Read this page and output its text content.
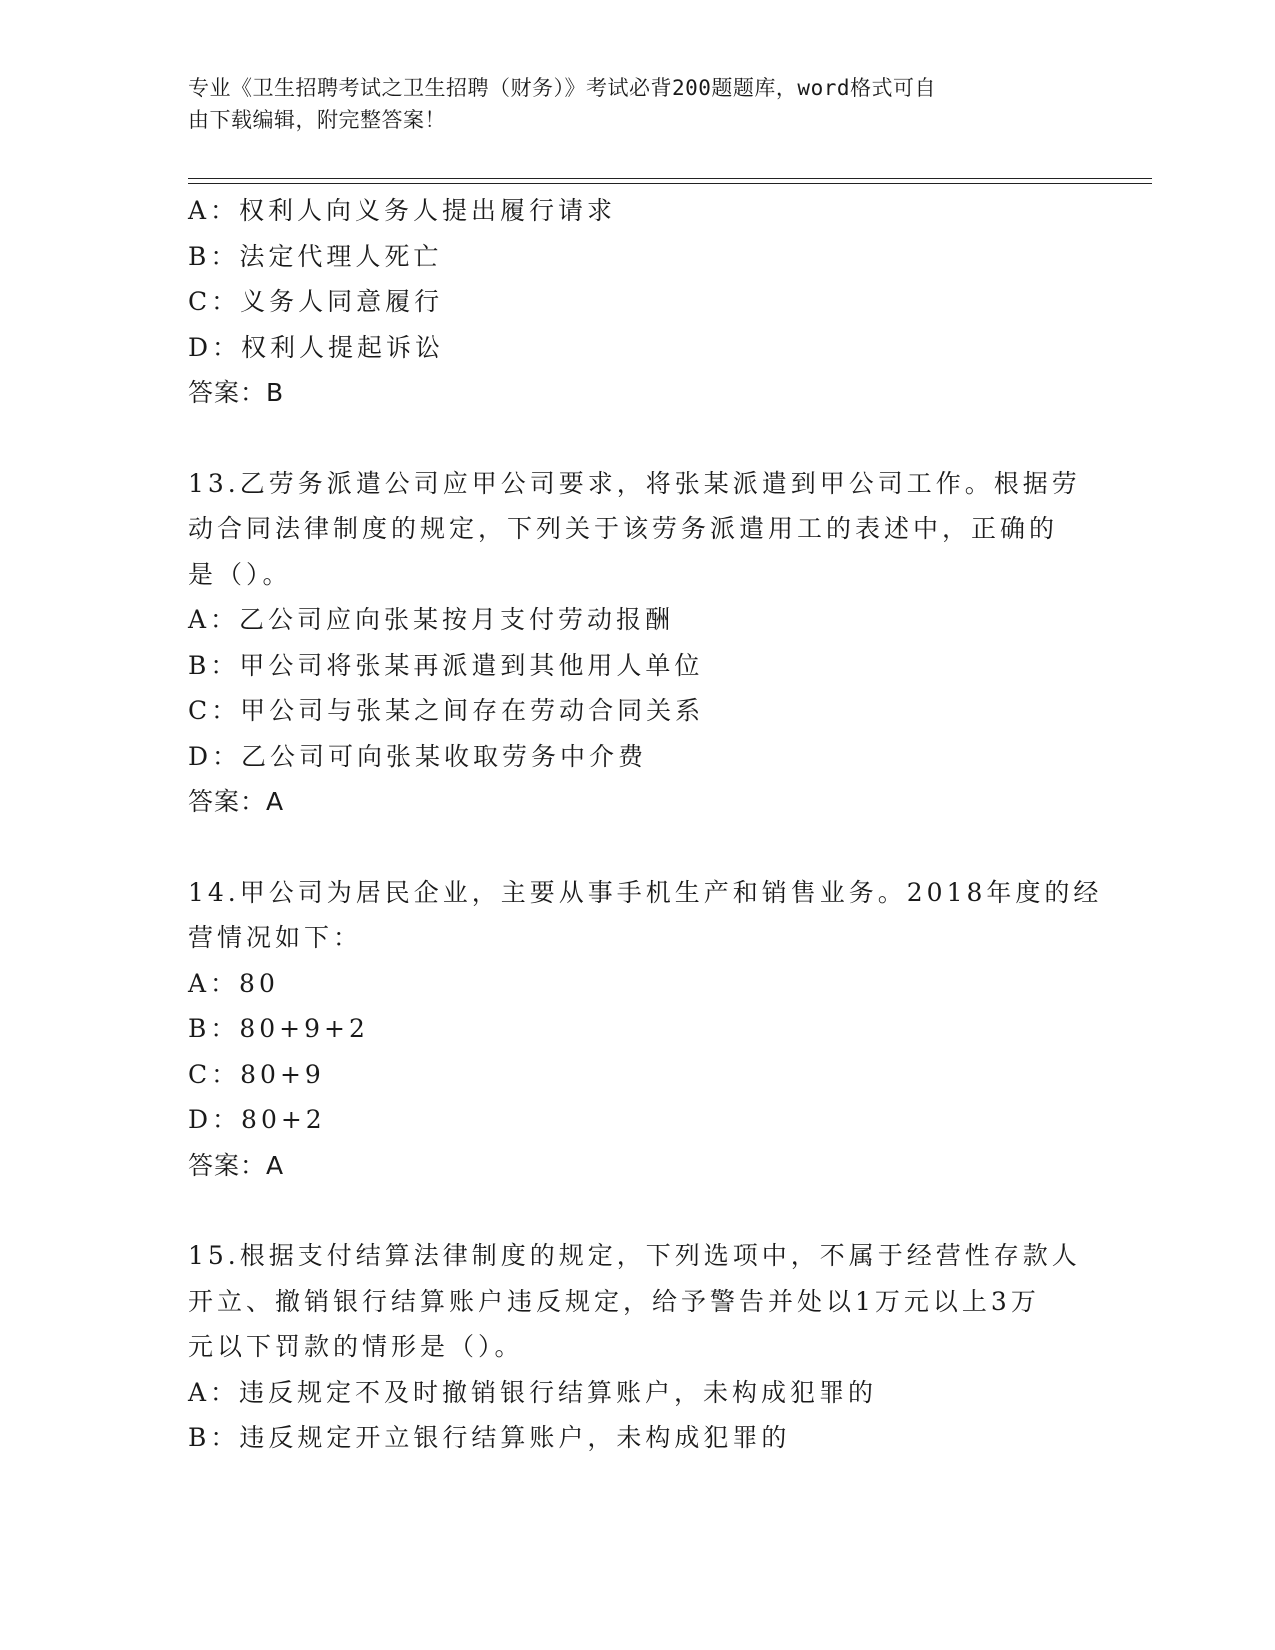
专业《卫生招聘考试之卫生招聘（财务）》考试必背200题题库，word格式可自
由下载编辑，附完整答案！
A：权利人向义务人提出履行请求
B：法定代理人死亡
C：义务人同意履行
D：权利人提起诉讼
答案：B
13.乙劳务派遣公司应甲公司要求，将张某派遣到甲公司工作。根据劳
动合同法律制度的规定，下列关于该劳务派遣用工的表述中，正确的
是（）。
A：乙公司应向张某按月支付劳动报酬
B：甲公司将张某再派遣到其他用人单位
C：甲公司与张某之间存在劳动合同关系
D：乙公司可向张某收取劳务中介费
答案：A
14.甲公司为居民企业，主要从事手机生产和销售业务。2018年度的经
营情况如下：
A：80
B：80+9+2
C：80+9
D：80+2
答案：A
15.根据支付结算法律制度的规定，下列选项中，不属于经营性存款人
开立、撤销银行结算账户违反规定，给予警告并处以1万元以上3万
元以下罚款的情形是（）。
A：违反规定不及时撤销银行结算账户，未构成犯罪的
B：违反规定开立银行结算账户，未构成犯罪的
